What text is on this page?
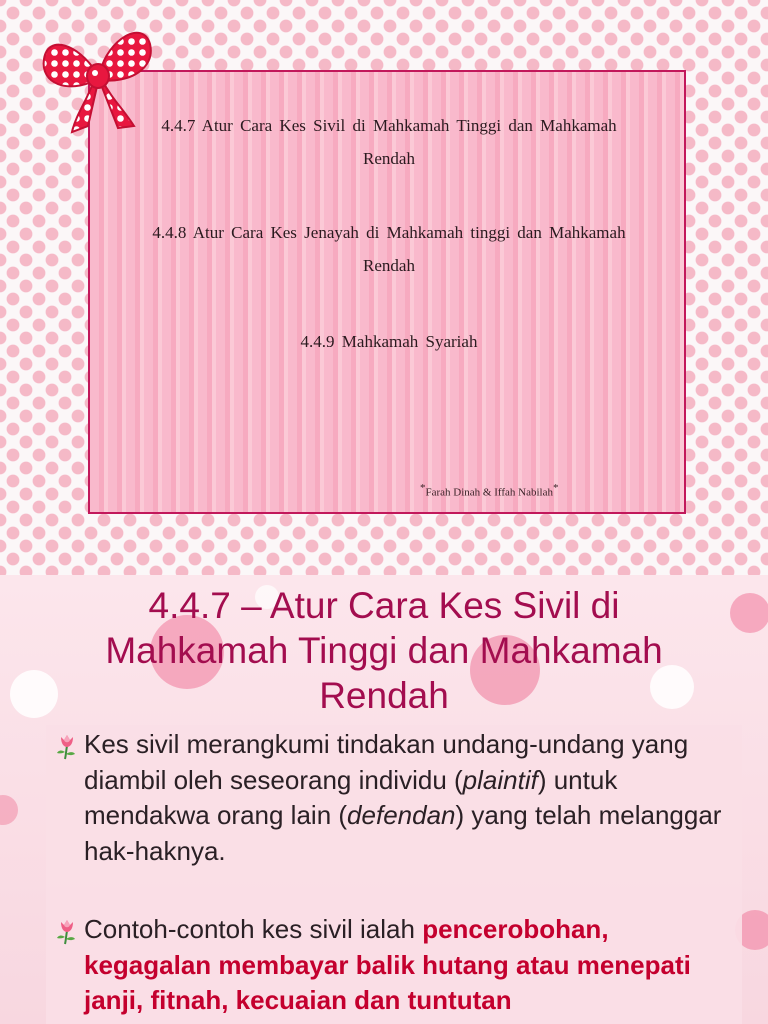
4.4.7 Atur Cara Kes Sivil di Mahkamah Tinggi dan Mahkamah
Rendah
4.4.8 Atur Cara Kes Jenayah di Mahkamah tinggi dan Mahkamah
Rendah
4.4.9 Mahkamah Syariah
*Farah Dinah & Iffah Nabilah*
4.4.7 – Atur Cara Kes Sivil di
Mahkamah Tinggi dan Mahkamah
Rendah
Kes sivil merangkumi tindakan undang-undang yang diambil oleh seseorang individu (plaintif) untuk mendakwa orang lain (defendan) yang telah melanggar hak-haknya.
Contoh-contoh kes sivil ialah pencerobohan, kegagalan membayar balik hutang atau menepati janji, fitnah, kecuaian dan tuntutan
